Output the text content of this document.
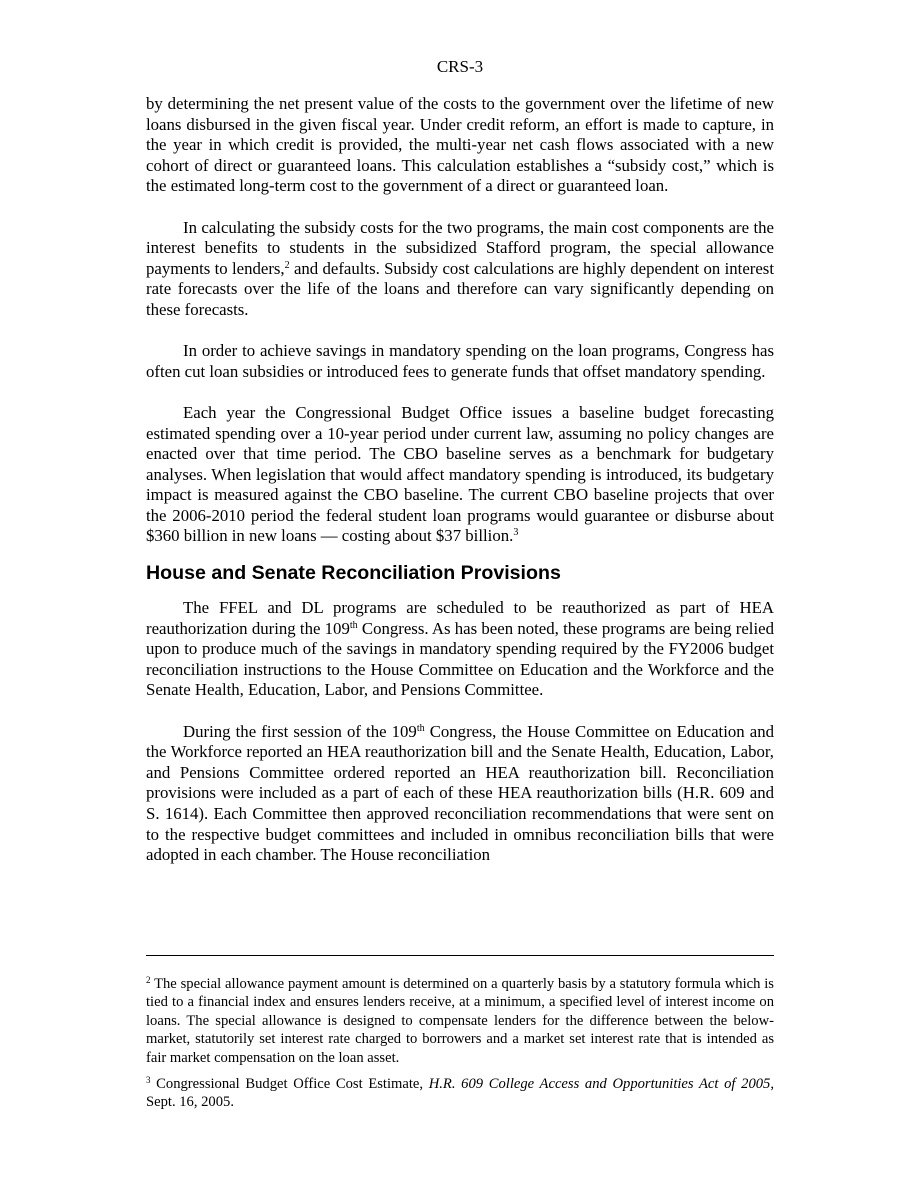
CRS-3

by determining the net present value of the costs to the government over the lifetime of new loans disbursed in the given fiscal year. Under credit reform, an effort is made to capture, in the year in which credit is provided, the multi-year net cash flows associated with a new cohort of direct or guaranteed loans. This calculation establishes a “subsidy cost,” which is the estimated long-term cost to the government of a direct or guaranteed loan.

In calculating the subsidy costs for the two programs, the main cost components are the interest benefits to students in the subsidized Stafford program, the special allowance payments to lenders,$^2$ and defaults. Subsidy cost calculations are highly dependent on interest rate forecasts over the life of the loans and therefore can vary significantly depending on these forecasts.

In order to achieve savings in mandatory spending on the loan programs, Congress has often cut loan subsidies or introduced fees to generate funds that offset mandatory spending.

Each year the Congressional Budget Office issues a baseline budget forecasting estimated spending over a 10-year period under current law, assuming no policy changes are enacted over that time period. The CBO baseline serves as a benchmark for budgetary analyses. When legislation that would affect mandatory spending is introduced, its budgetary impact is measured against the CBO baseline. The current CBO baseline projects that over the 2006-2010 period the federal student loan programs would guarantee or disburse about $360 billion in new loans — costing about $37 billion.$^3$

House and Senate Reconciliation Provisions

The FFEL and DL programs are scheduled to be reauthorized as part of HEA reauthorization during the 109th Congress. As has been noted, these programs are being relied upon to produce much of the savings in mandatory spending required by the FY2006 budget reconciliation instructions to the House Committee on Education and the Workforce and the Senate Health, Education, Labor, and Pensions Committee.

During the first session of the 109th Congress, the House Committee on Education and the Workforce reported an HEA reauthorization bill and the Senate Health, Education, Labor, and Pensions Committee ordered reported an HEA reauthorization bill. Reconciliation provisions were included as a part of each of these HEA reauthorization bills (H.R. 609 and S. 1614). Each Committee then approved reconciliation recommendations that were sent on to the respective budget committees and included in omnibus reconciliation bills that were adopted in each chamber. The House reconciliation

$^2$ The special allowance payment amount is determined on a quarterly basis by a statutory formula which is tied to a financial index and ensures lenders receive, at a minimum, a specified level of interest income on loans. The special allowance is designed to compensate lenders for the difference between the below-market, statutorily set interest rate charged to borrowers and a market set interest rate that is intended as fair market compensation on the loan asset.

$^3$ Congressional Budget Office Cost Estimate, H.R. 609 College Access and Opportunities Act of 2005, Sept. 16, 2005.
